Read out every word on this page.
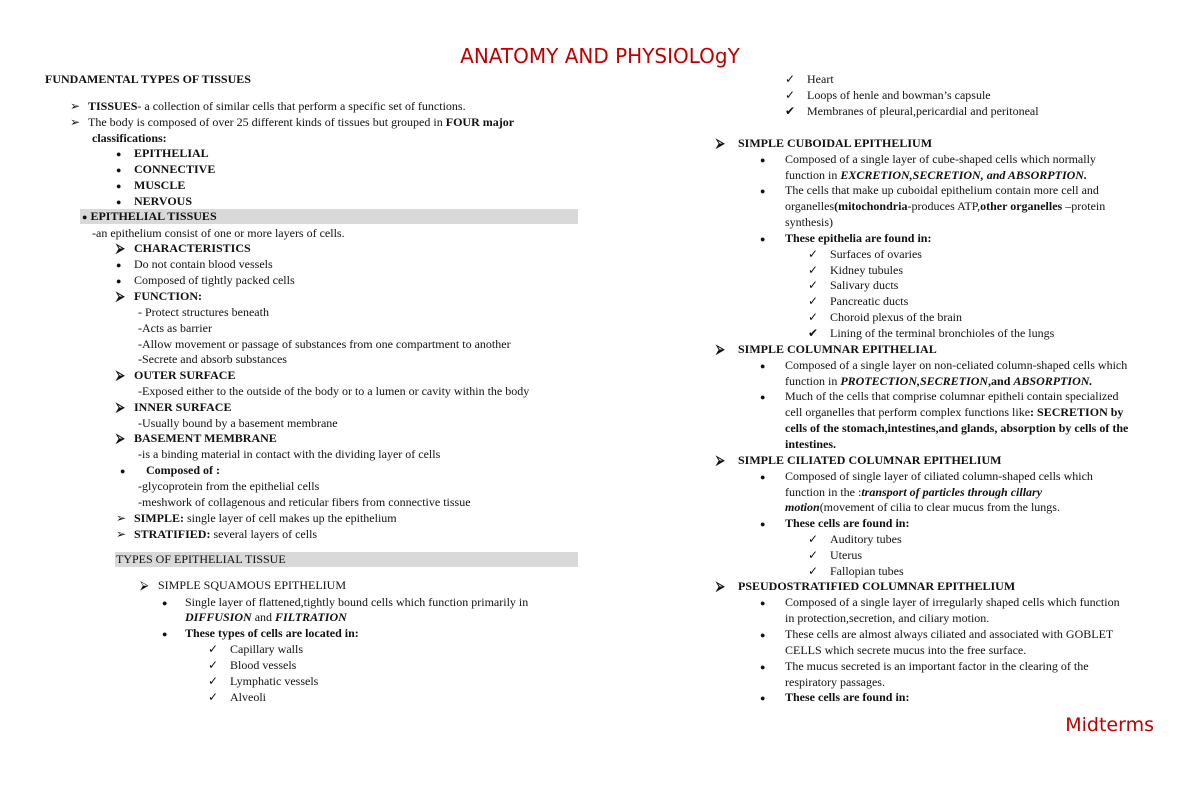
ANATOMY AND PHYSIOLOgY
FUNDAMENTAL TYPES OF TISSUES
➢ TISSUES- a collection of similar cells that perform a specific set of functions.
➢ The body is composed of over 25 different kinds of tissues but grouped in FOUR major
classifications:
● EPITHELIAL
● CONNECTIVE
● MUSCLE
● NERVOUS
● EPITHELIAL TISSUES
-an epithelium consist of one or more layers of cells.
⮚ CHARACTERISTICS
● Do not contain blood vessels
● Composed of tightly packed cells
⮚ FUNCTION:
- Protect structures beneath
-Acts as barrier
-Allow movement or passage of substances from one compartment to another
-Secrete and absorb substances
⮚ OUTER SURFACE
-Exposed either to the outside of the body or to a lumen or cavity within the body
⮚ INNER SURFACE
-Usually bound by a basement membrane
⮚ BASEMENT MEMBRANE
-is a binding material in contact with the dividing layer of cells
● Composed of :
-glycoprotein from the epithelial cells
-meshwork of collagenous and reticular fibers from connective tissue
➢ SIMPLE: single layer of cell makes up the epithelium
➢ STRATIFIED: several layers of cells
TYPES OF EPITHELIAL TISSUE
⮚ SIMPLE SQUAMOUS EPITHELIUM
● Single layer of flattened,tightly bound cells which function primarily in
DIFFUSION and FILTRATION
● These types of cells are located in:
✓ Capillary walls
✓ Blood vessels
✓ Lymphatic vessels
✓ Alveoli
✓ Heart
✓ Loops of henle and bowman’s capsule
✔ Membranes of pleural,pericardial and peritoneal
⮚ SIMPLE CUBOIDAL EPITHELIUM
● Composed of a single layer of cube-shaped cells which normally
function in EXCRETION,SECRETION, and ABSORPTION.
● The cells that make up cuboidal epithelium contain more cell and
organelles(mitochondria-produces ATP,other organelles –protein
synthesis)
● These epithelia are found in:
✓ Surfaces of ovaries
✓ Kidney tubules
✓ Salivary ducts
✓ Pancreatic ducts
✓ Choroid plexus of the brain
✔ Lining of the terminal bronchioles of the lungs
⮚ SIMPLE COLUMNAR EPITHELIAL
● Composed of a single layer on non-celiated column-shaped cells which
function in PROTECTION,SECRETION,and ABSORPTION.
● Much of the cells that comprise columnar epitheli contain specialized
cell organelles that perform complex functions like: SECRETION by
cells of the stomach,intestines,and glands, absorption by cells of the
intestines.
⮚ SIMPLE CILIATED COLUMNAR EPITHELIUM
● Composed of single layer of ciliated column-shaped cells which
function in the :transport of particles through cillary
motion(movement of cilia to clear mucus from the lungs.
● These cells are found in:
✓ Auditory tubes
✓ Uterus
✓ Fallopian tubes
⮚ PSEUDOSTRATIFIED COLUMNAR EPITHELIUM
● Composed of a single layer of irregularly shaped cells which function
in protection,secretion, and ciliary motion.
● These cells are almost always ciliated and associated with GOBLET
CELLS which secrete mucus into the free surface.
● The mucus secreted is an important factor in the clearing of the
respiratory passages.
● These cells are found in:
Midterms
